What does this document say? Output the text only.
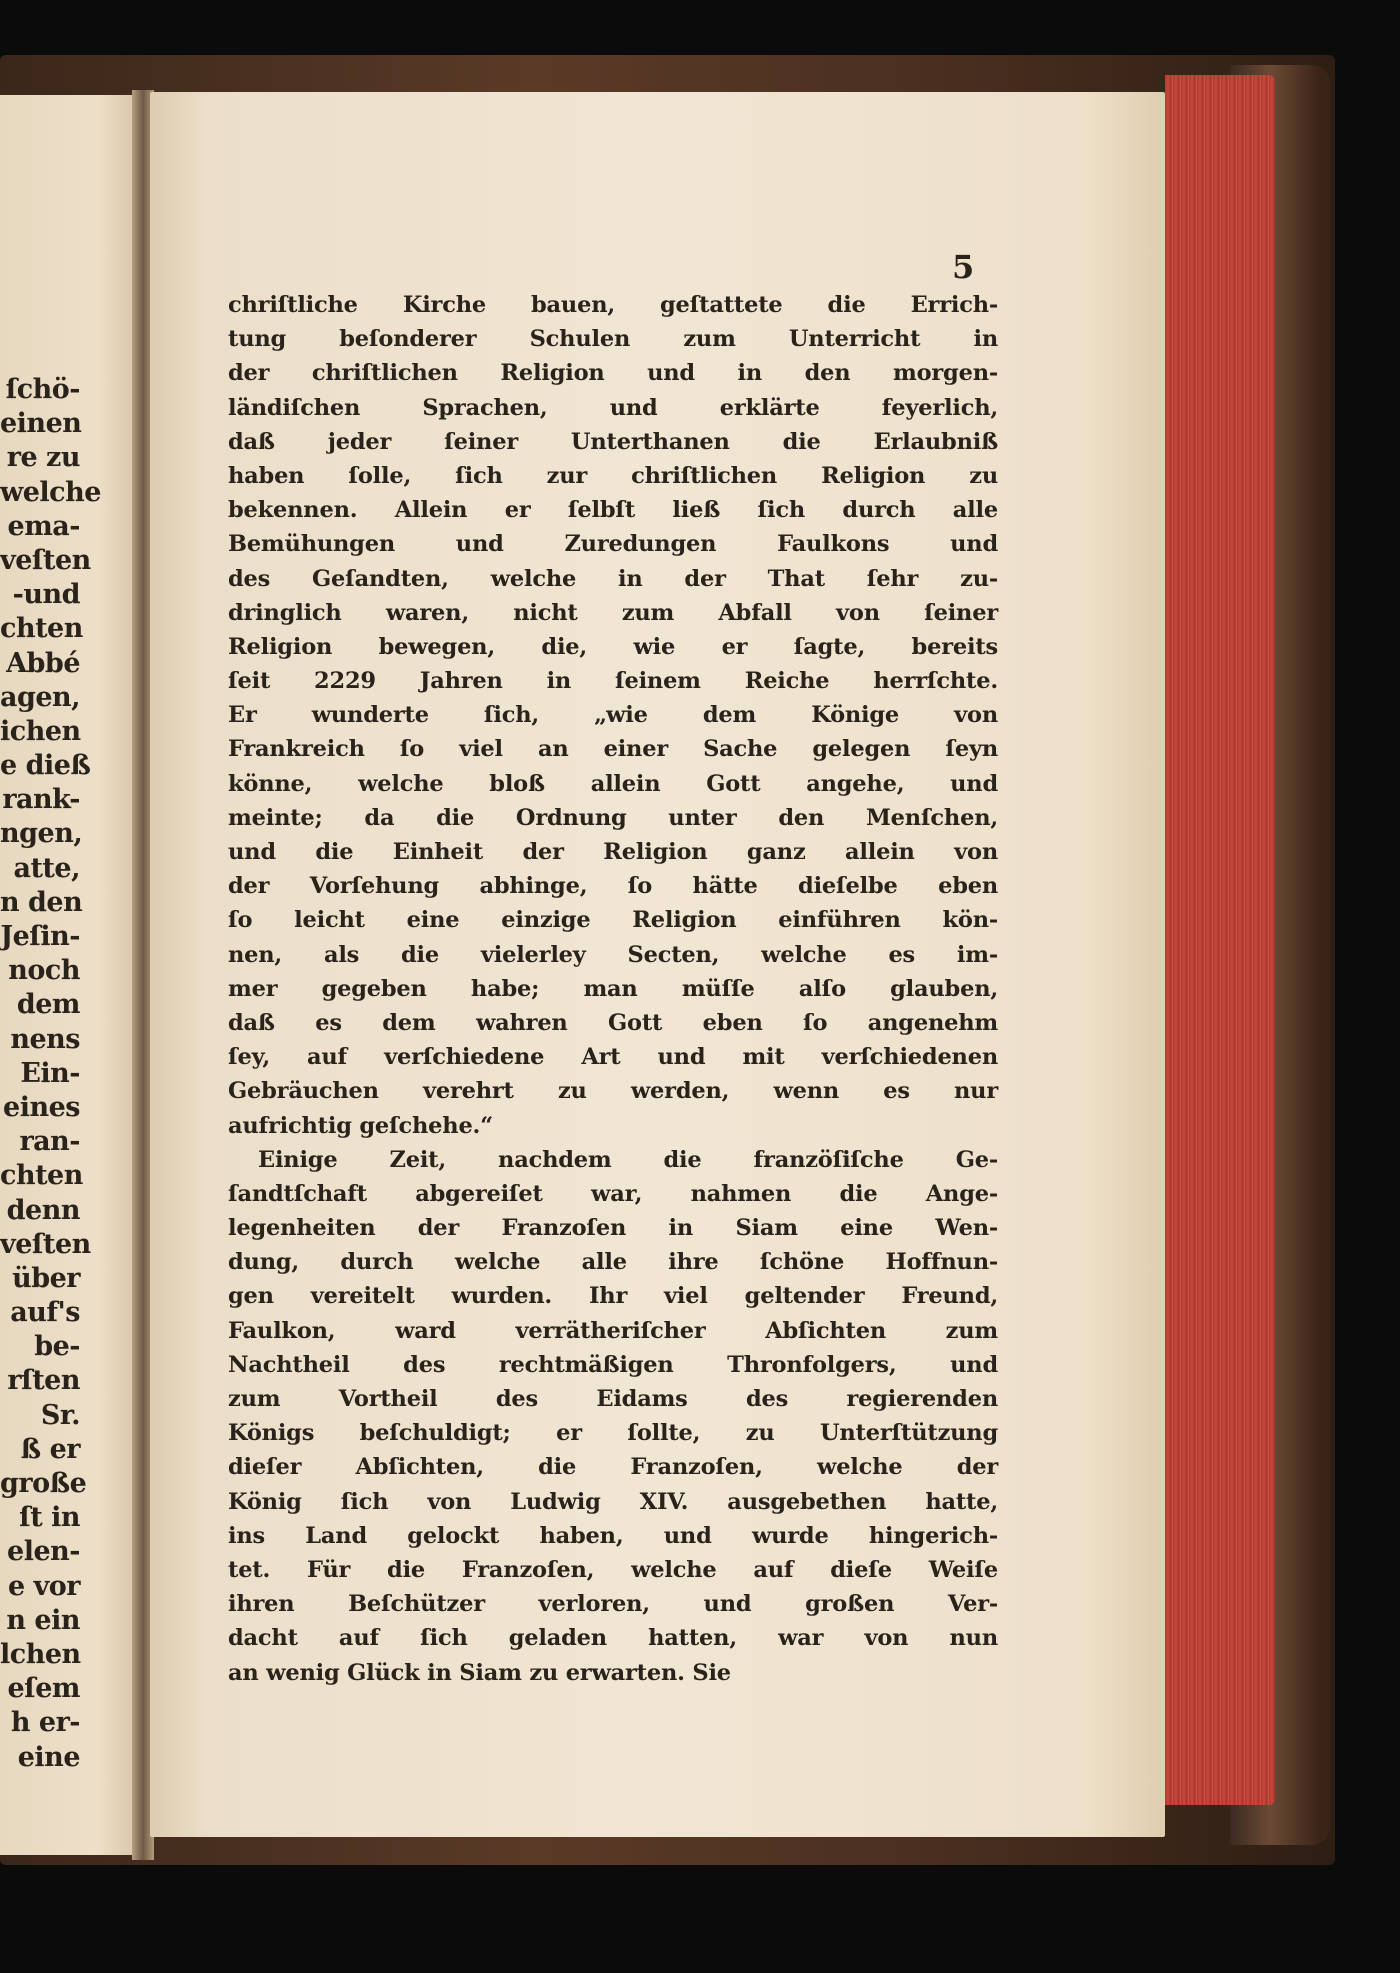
ſchö-
einen
re zu
welche
ema-
veſten
-und
chten
Abbé
agen,
ichen
e dieß
rank-
ngen,
atte,
n den
Jeſin-
noch
dem
nens
Ein-
eines
ran-
chten
denn
veſten
über
auf's
be-
rſten
Sr.
ß er
große
ſt in
elen-
e vor
n ein
lchen
eſem
h er-
eine
5
chriſtliche Kirche bauen, geſtattete die Errich-
tung beſonderer Schulen zum Unterricht in
der chriſtlichen Religion und in den morgen-
ländiſchen Sprachen, und erklärte feyerlich,
daß jeder ſeiner Unterthanen die Erlaubniß
haben ſolle, ſich zur chriſtlichen Religion zu
bekennen. Allein er ſelbſt ließ ſich durch alle
Bemühungen und Zuredungen Faulkons und
des Geſandten, welche in der That ſehr zu-
dringlich waren, nicht zum Abfall von ſeiner
Religion bewegen, die, wie er ſagte, bereits
ſeit 2229 Jahren in ſeinem Reiche herrſchte.
Er wunderte ſich, „wie dem Könige von
Frankreich ſo viel an einer Sache gelegen ſeyn
könne, welche bloß allein Gott angehe, und
meinte; da die Ordnung unter den Menſchen,
und die Einheit der Religion ganz allein von
der Vorſehung abhinge, ſo hätte dieſelbe eben
ſo leicht eine einzige Religion einführen kön-
nen, als die vielerley Secten, welche es im-
mer gegeben habe; man müſſe alſo glauben,
daß es dem wahren Gott eben ſo angenehm
ſey, auf verſchiedene Art und mit verſchiedenen
Gebräuchen verehrt zu werden, wenn es nur
aufrichtig geſchehe.“
Einige Zeit, nachdem die franzöſiſche Ge-
ſandtſchaft abgereiſet war, nahmen die Ange-
legenheiten der Franzoſen in Siam eine Wen-
dung, durch welche alle ihre ſchöne Hoffnun-
gen vereitelt wurden. Ihr viel geltender Freund,
Faulkon, ward verrätheriſcher Abſichten zum
Nachtheil des rechtmäßigen Thronfolgers, und
zum Vortheil des Eidams des regierenden
Königs beſchuldigt; er ſollte, zu Unterſtützung
dieſer Abſichten, die Franzoſen, welche der
König ſich von Ludwig XIV. ausgebethen hatte,
ins Land gelockt haben, und wurde hingerich-
tet. Für die Franzoſen, welche auf dieſe Weiſe
ihren Beſchützer verloren, und großen Ver-
dacht auf ſich geladen hatten, war von nun
an wenig Glück in Siam zu erwarten. Sie
